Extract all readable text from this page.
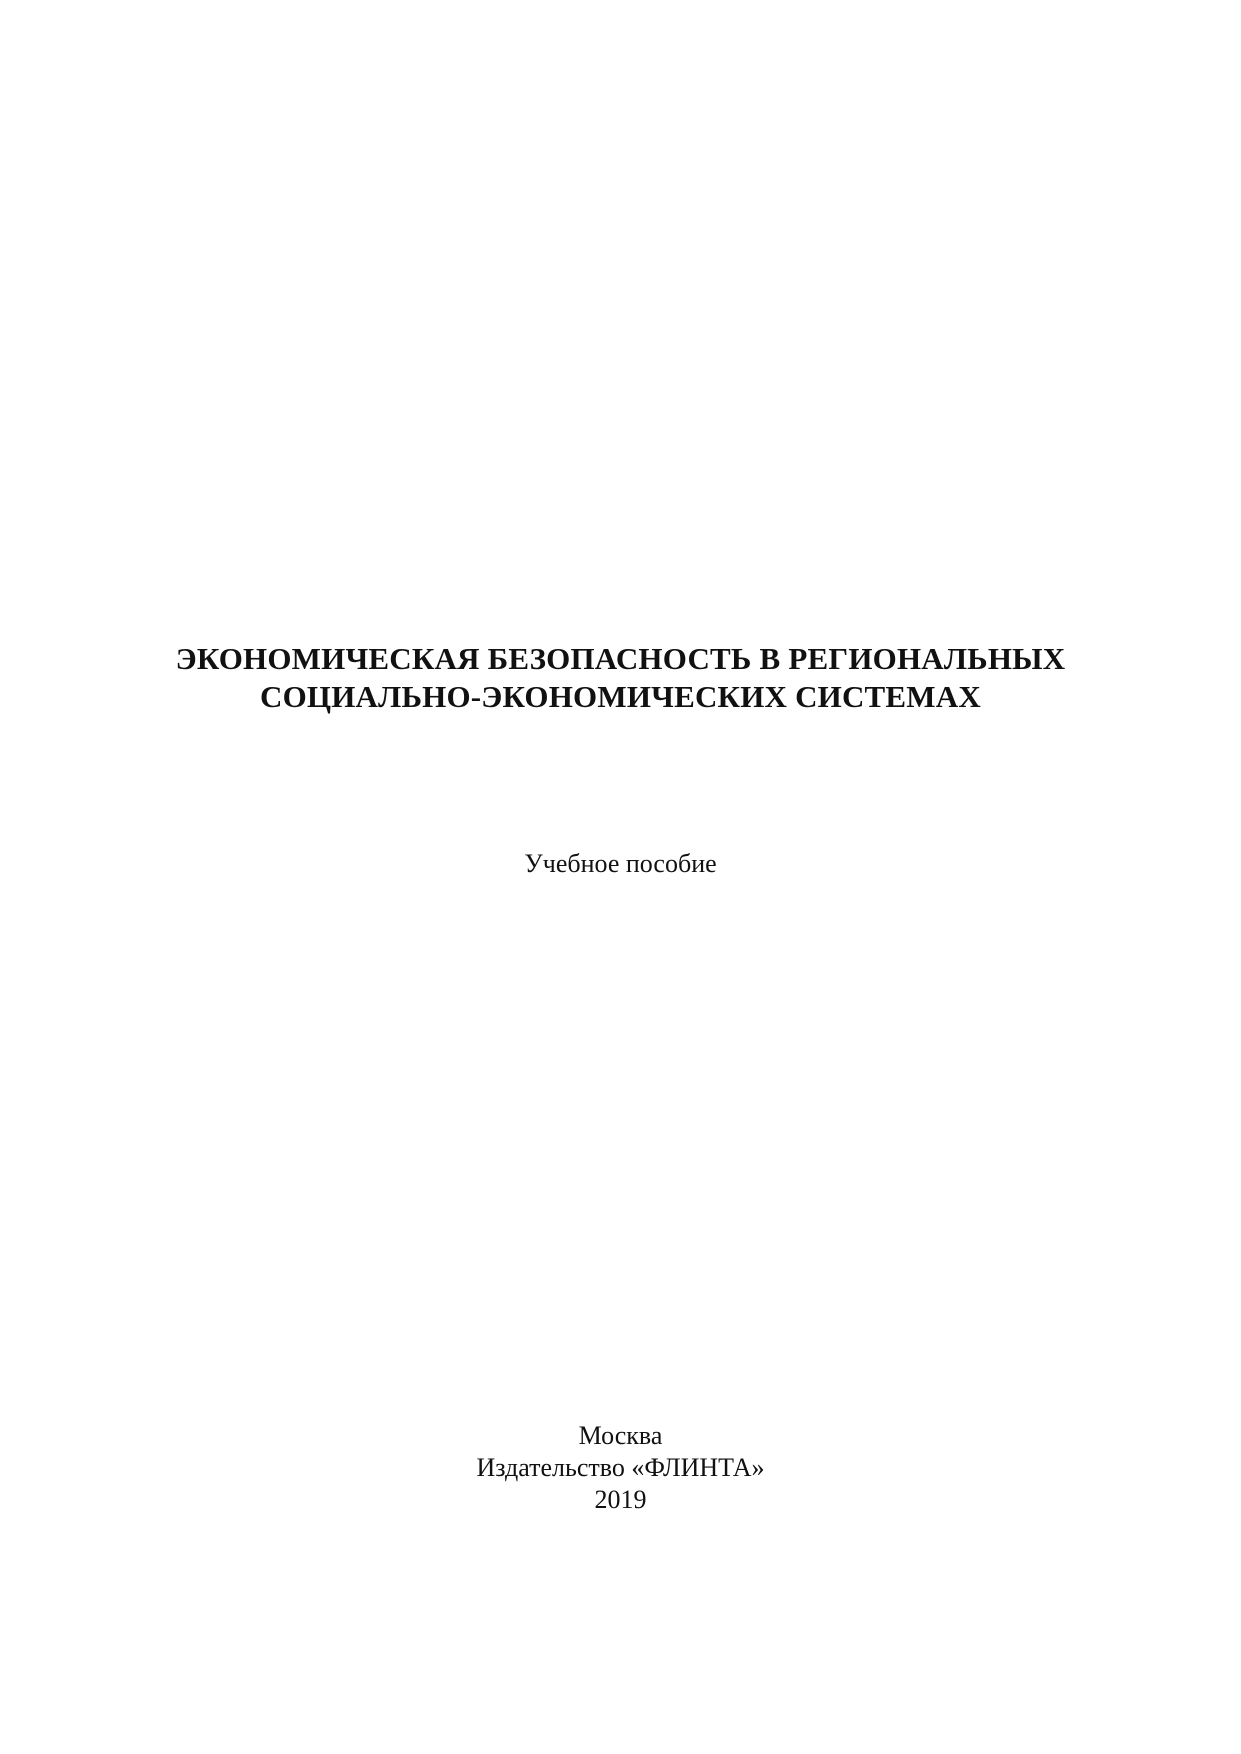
ЭКОНОМИЧЕСКАЯ БЕЗОПАСНОСТЬ В РЕГИОНАЛЬНЫХ
СОЦИАЛЬНО-ЭКОНОМИЧЕСКИХ СИСТЕМАХ
Учебное пособие
Москва
Издательство «ФЛИНТА»
2019
